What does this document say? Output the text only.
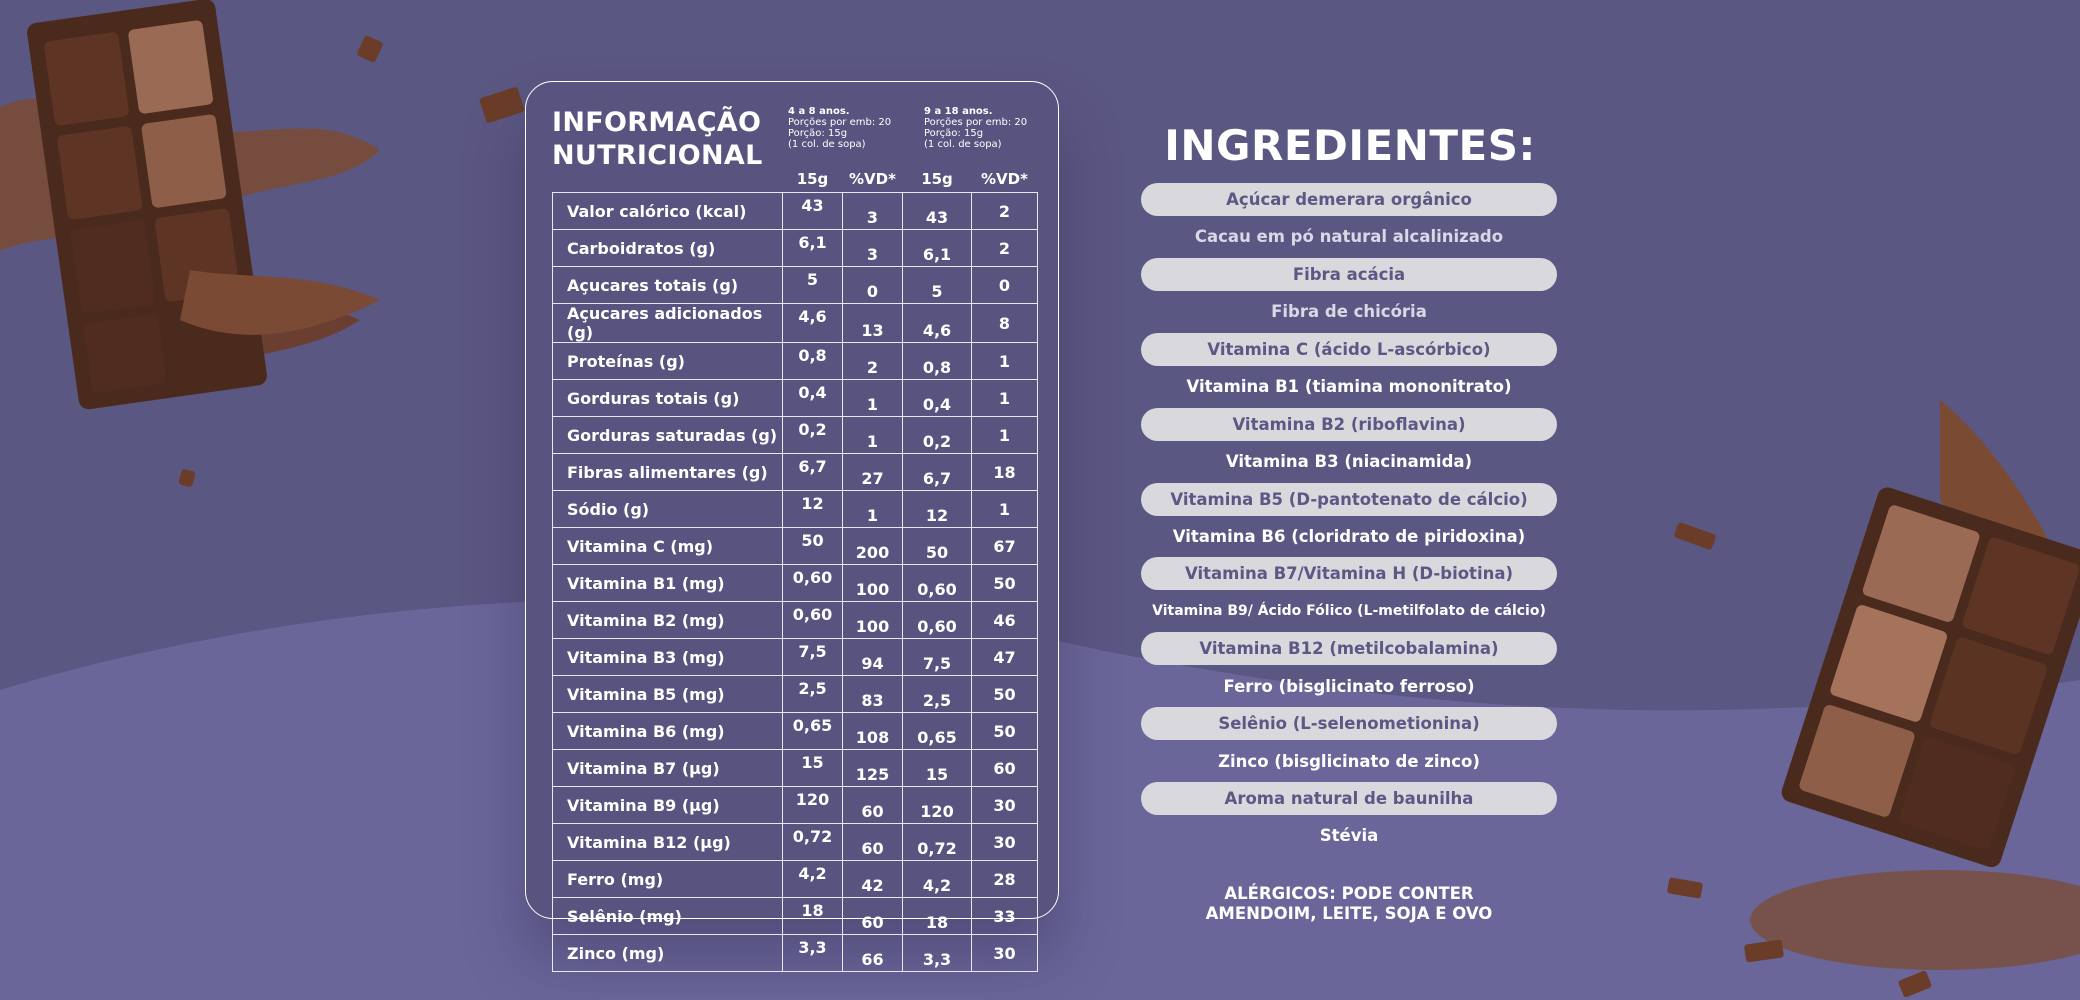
INFORMAÇÃO
NUTRICIONAL
4 a 8 anos.
Porções por emb: 20
Porção: 15g
(1 col. de sopa)
9 a 18 anos.
Porções por emb: 20
Porção: 15g
(1 col. de sopa)
	15g	%VD*	15g	%VD*
Valor calórico (kcal)	43	3	43	2
Carboidratos (g)	6,1	3	6,1	2
Açucares totais (g)	5	0	5	0
Açucares adicionados (g)	4,6	13	4,6	8
Proteínas (g)	0,8	2	0,8	1
Gorduras totais (g)	0,4	1	0,4	1
Gorduras saturadas (g)	0,2	1	0,2	1
Fibras alimentares (g)	6,7	27	6,7	18
Sódio (g)	12	1	12	1
Vitamina C (mg)	50	200	50	67
Vitamina B1 (mg)	0,60	100	0,60	50
Vitamina B2 (mg)	0,60	100	0,60	46
Vitamina B3 (mg)	7,5	94	7,5	47
Vitamina B5 (mg)	2,5	83	2,5	50
Vitamina B6 (mg)	0,65	108	0,65	50
Vitamina B7 (µg)	15	125	15	60
Vitamina B9 (µg)	120	60	120	30
Vitamina B12 (µg)	0,72	60	0,72	30
Ferro (mg)	4,2	42	4,2	28
Selênio (mg)	18	60	18	33
Zinco (mg)	3,3	66	3,3	30
INGREDIENTES:
Açúcar demerara orgânico
Cacau em pó natural alcalinizado
Fibra acácia
Fibra de chicória
Vitamina C (ácido L-ascórbico)
Vitamina B1 (tiamina mononitrato)
Vitamina B2 (riboflavina)
Vitamina B3 (niacinamida)
Vitamina B5 (D-pantotenato de cálcio)
Vitamina B6 (cloridrato de piridoxina)
Vitamina B7/Vitamina H (D-biotina)
Vitamina B9/ Ácido Fólico (L-metilfolato de cálcio)
Vitamina B12 (metilcobalamina)
Ferro (bisglicinato ferroso)
Selênio (L-selenometionina)
Zinco (bisglicinato de zinco)
Aroma natural de baunilha
Stévia
ALÉRGICOS: PODE CONTER
AMENDOIM, LEITE, SOJA E OVO
